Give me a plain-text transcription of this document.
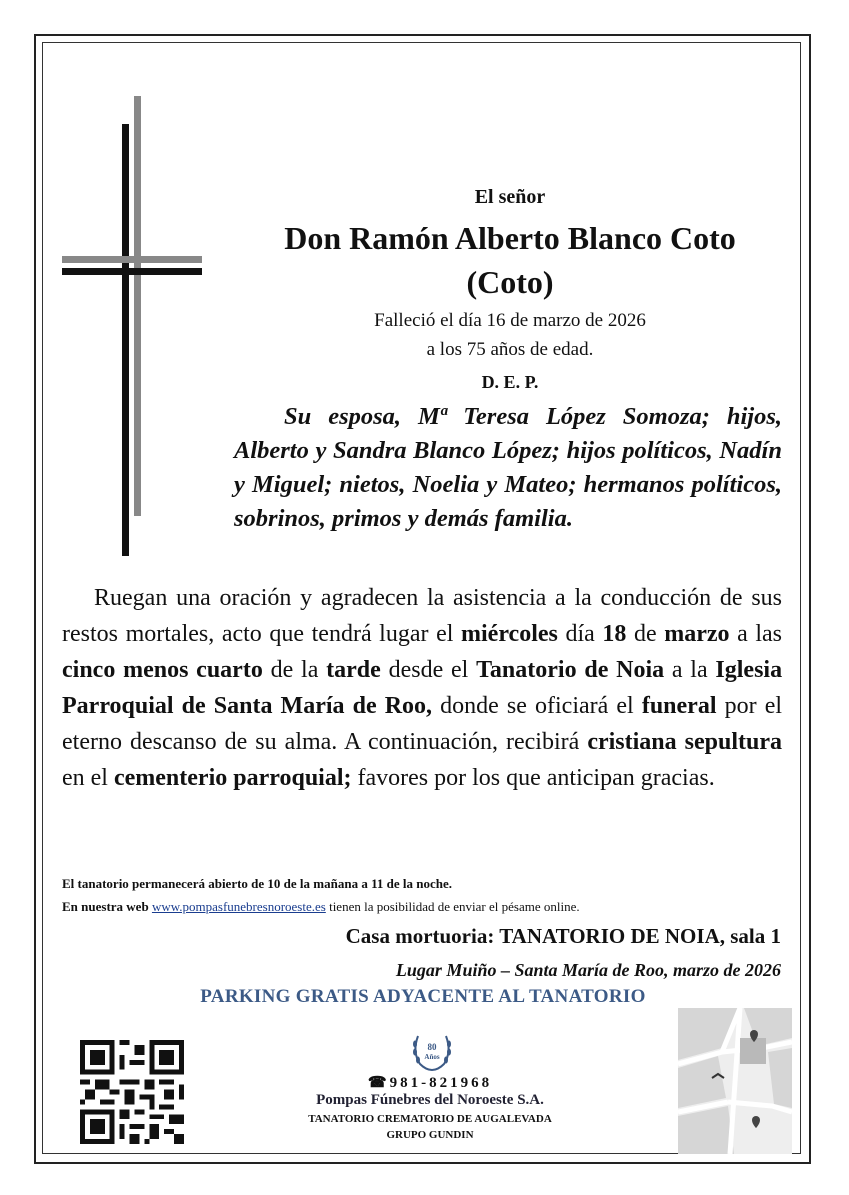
El señor
Don Ramón Alberto Blanco Coto
(Coto)
Falleció el día 16 de marzo de 2026
a los 75 años de edad.
D. E. P.
Su esposa, Mª Teresa López Somoza; hijos, Alberto y Sandra Blanco López; hijos políticos, Nadín y Miguel; nietos, Noelia y Mateo; hermanos políticos, sobrinos, primos y demás familia.
Ruegan una oración y agradecen la asistencia a la conducción de sus restos mortales, acto que tendrá lugar el miércoles día 18 de marzo a las cinco menos cuarto de la tarde desde el Tanatorio de Noia a la Iglesia Parroquial de Santa María de Roo, donde se oficiará el funeral por el eterno descanso de su alma. A continuación, recibirá cristiana sepultura en el cementerio parroquial; favores por los que anticipan gracias.
El tanatorio permanecerá abierto de 10 de la mañana a 11 de la noche.
En nuestra web www.pompasfunebresnoroeste.es tienen la posibilidad de enviar el pésame online.
Casa mortuoria: TANATORIO DE NOIA, sala 1
Lugar Muiño – Santa María de Roo, marzo de 2026
PARKING GRATIS ADYACENTE AL TANATORIO
80
Años
☎981-821968
Pompas Fúnebres del Noroeste S.A.
TANATORIO CREMATORIO DE AUGALEVADA
GRUPO GUNDIN
